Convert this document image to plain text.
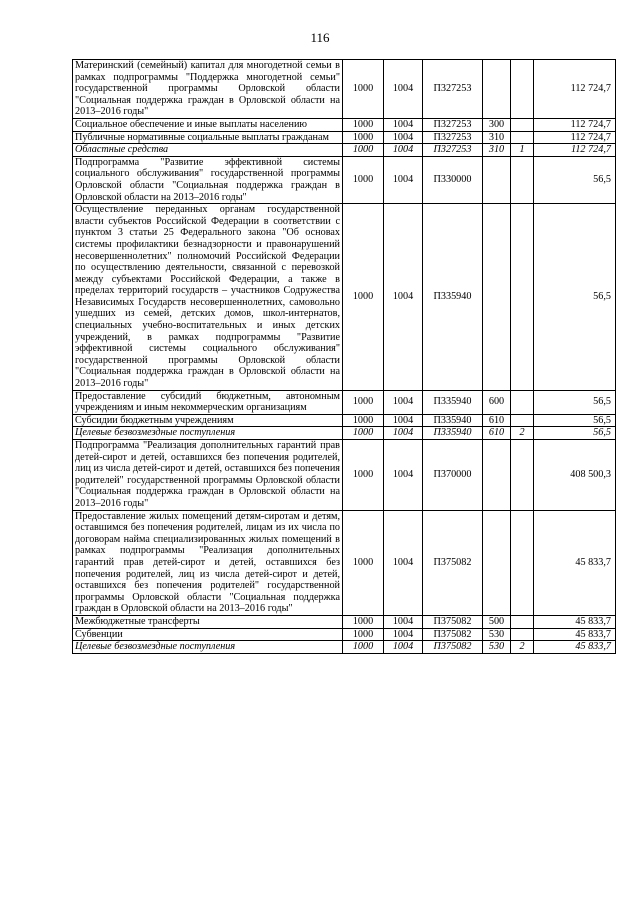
116
Материнский (семейный) капитал для многодетной семьи в рамках подпрограммы "Поддержка многодетной семьи" государственной программы Орловской области "Социальная поддержка граждан в Орловской области на 2013–2016 годы"	1000	1004	П327253			112 724,7
Социальное обеспечение и иные выплаты населению	1000	1004	П327253	300		112 724,7
Публичные нормативные социальные выплаты гражданам	1000	1004	П327253	310		112 724,7
Областные средства	1000	1004	П327253	310	1	112 724,7
Подпрограмма "Развитие эффективной системы социального обслуживания" государственной программы Орловской области "Социальная поддержка граждан в Орловской области на 2013–2016 годы"	1000	1004	П330000			56,5
Осуществление переданных органам государственной власти субъектов Российской Федерации в соответствии с пунктом 3 статьи 25 Федерального закона "Об основах системы профилактики безнадзорности и правонарушений несовершеннолетних" полномочий Российской Федерации по осуществлению деятельности, связанной с перевозкой между субъектами Российской Федерации, а также в пределах территорий государств – участников Содружества Независимых Государств несовершеннолетних, самовольно ушедших из семей, детских домов, школ-интернатов, специальных учебно-воспитательных и иных детских учреждений, в рамках подпрограммы "Развитие эффективной системы социального обслуживания" государственной программы Орловской области "Социальная поддержка граждан в Орловской области на 2013–2016 годы"	1000	1004	П335940			56,5
Предоставление субсидий бюджетным, автономным учреждениям и иным некоммерческим организациям	1000	1004	П335940	600		56,5
Субсидии бюджетным учреждениям	1000	1004	П335940	610		56,5
Целевые безвозмездные поступления	1000	1004	П335940	610	2	56,5
Подпрограмма "Реализация дополнительных гарантий прав детей-сирот и детей, оставшихся без попечения родителей, лиц из числа детей-сирот и детей, оставшихся без попечения родителей" государственной программы Орловской области "Социальная поддержка граждан в Орловской области на 2013–2016 годы"	1000	1004	П370000			408 500,3
Предоставление жилых помещений детям-сиротам и детям, оставшимся без попечения родителей, лицам из их числа по договорам найма специализированных жилых помещений в рамках подпрограммы "Реализация дополнительных гарантий прав детей-сирот и детей, оставшихся без попечения родителей, лиц из числа детей-сирот и детей, оставшихся без попечения родителей" государственной программы Орловской области "Социальная поддержка граждан в Орловской области на 2013–2016 годы"	1000	1004	П375082			45 833,7
Межбюджетные трансферты	1000	1004	П375082	500		45 833,7
Субвенции	1000	1004	П375082	530		45 833,7
Целевые безвозмездные поступления	1000	1004	П375082	530	2	45 833,7
